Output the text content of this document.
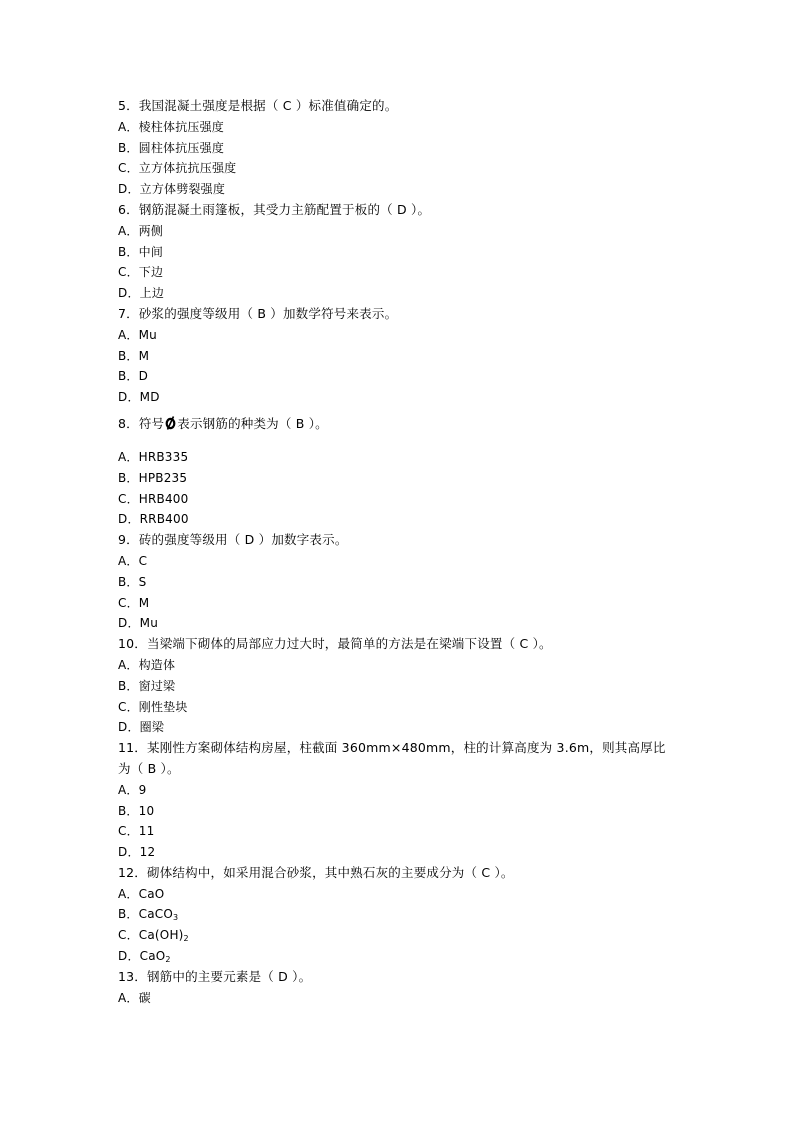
5．我国混凝土强度是根据（ C ）标准值确定的。
A．棱柱体抗压强度
B．圆柱体抗压强度
C．立方体抗抗压强度
D．立方体劈裂强度
6．钢筋混凝土雨篷板，其受力主筋配置于板的（ D ）。
A．两侧
B．中间
C．下边
D．上边
7．砂浆的强度等级用（ B ）加数学符号来表示。
A．Mu
B．M
B．D
D．MD
8．符号 表示钢筋的种类为（ B ）。
A．HRB335
B．HPB235
C．HRB400
D．RRB400
9．砖的强度等级用（ D ）加数字表示。
A．C
B．S
C．M
D．Mu
10．当梁端下砌体的局部应力过大时，最简单的方法是在梁端下设置（ C ）。
A．构造体
B．窗过梁
C．刚性垫块
D．圈梁
11．某刚性方案砌体结构房屋，柱截面 360mm×480mm，柱的计算高度为 3.6m，则其高厚比
为（ B ）。
A．9
B．10
C．11
D．12
12．砌体结构中，如采用混合砂浆，其中熟石灰的主要成分为（ C ）。
A．CaO
B．CaCO$_3$
C．$Ca(OH)_2$
D．CaO$_2$
13．钢筋中的主要元素是（ D ）。
A．碳
